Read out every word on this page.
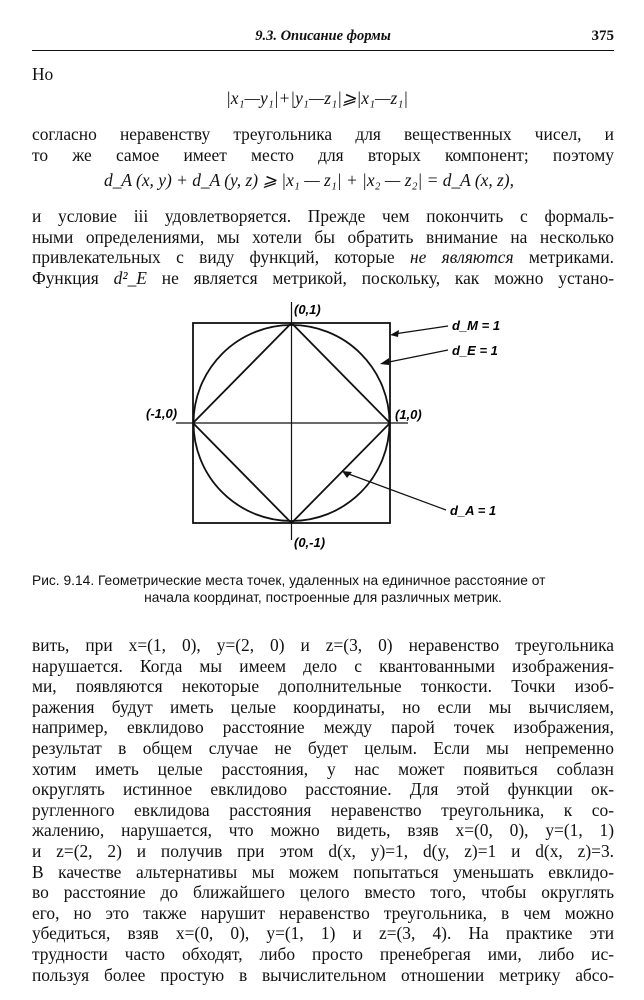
9.3. Описание формы	375
Но
|x₁—y₁|+|y₁—z₁|⩾|x₁—z₁|
согласно неравенству треугольника для вещественных чисел, и
то же самое имеет место для вторых компонент; поэтому
d_A (x, y) + d_A (y, z) ⩾ |x₁ — z₁| + |x₂ — z₂| = d_A (x, z),
и условие iii удовлетворяется. Прежде чем покончить с формаль-
ными определениями, мы хотели бы обратить внимание на несколько
привлекательных с виду функций, которые не являются метриками.
Функция d²_E не является метрикой, поскольку, как можно устано-
(0,1)
(0,-1)
(-1,0)	(1,0)
d_M = 1
d_E = 1
d_A = 1
Рис. 9.14. Геометрические места точек, удаленных на единичное расстояние от
начала координат, построенные для различных метрик.
вить, при x=(1, 0), y=(2, 0) и z=(3, 0) неравенство треугольника
нарушается. Когда мы имеем дело с квантованными изображения-
ми, появляются некоторые дополнительные тонкости. Точки изоб-
ражения будут иметь целые координаты, но если мы вычисляем,
например, евклидово расстояние между парой точек изображения,
результат в общем случае не будет целым. Если мы непременно
хотим иметь целые расстояния, у нас может появиться соблазн
округлять истинное евклидово расстояние. Для этой функции ок-
ругленного евклидова расстояния неравенство треугольника, к со-
жалению, нарушается, что можно видеть, взяв x=(0, 0), y=(1, 1)
и z=(2, 2) и получив при этом d(x, y)=1, d(y, z)=1 и d(x, z)=3.
В качестве альтернативы мы можем попытаться уменьшать евклидо-
во расстояние до ближайшего целого вместо того, чтобы округлять
его, но это также нарушит неравенство треугольника, в чем можно
убедиться, взяв x=(0, 0), y=(1, 1) и z=(3, 4). На практике эти
трудности часто обходят, либо просто пренебрегая ими, либо ис-
пользуя более простую в вычислительном отношении метрику абсо-
